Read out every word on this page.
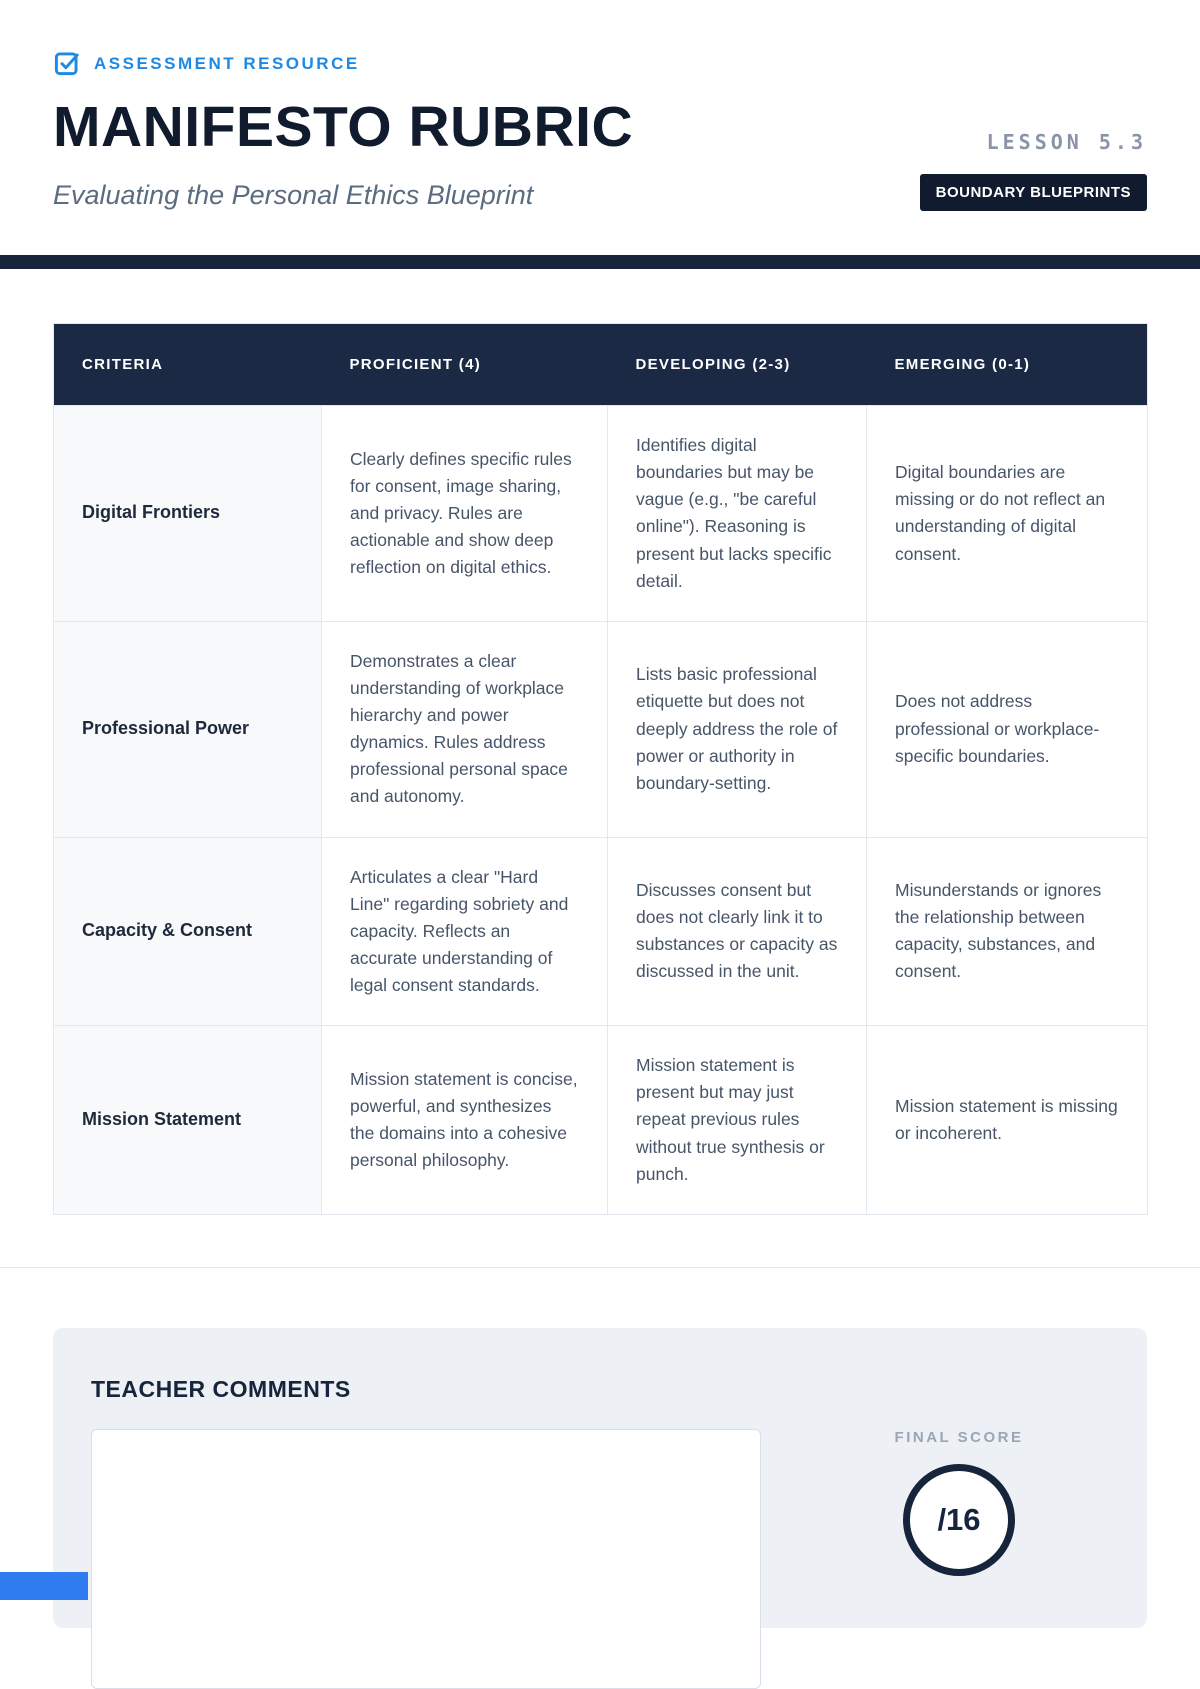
ASSESSMENT RESOURCE
MANIFESTO RUBRIC
Evaluating the Personal Ethics Blueprint
LESSON 5.3
BOUNDARY BLUEPRINTS
CRITERIA	PROFICIENT (4)	DEVELOPING (2-3)	EMERGING (0-1)
Digital Frontiers	Clearly defines specific rules for consent, image sharing, and privacy. Rules are actionable and show deep reflection on digital ethics.	Identifies digital boundaries but may be vague (e.g., "be careful online"). Reasoning is present but lacks specific detail.	Digital boundaries are missing or do not reflect an understanding of digital consent.
Professional Power	Demonstrates a clear understanding of workplace hierarchy and power dynamics. Rules address professional personal space and autonomy.	Lists basic professional etiquette but does not deeply address the role of power or authority in boundary-setting.	Does not address professional or workplace-specific boundaries.
Capacity & Consent	Articulates a clear "Hard Line" regarding sobriety and capacity. Reflects an accurate understanding of legal consent standards.	Discusses consent but does not clearly link it to substances or capacity as discussed in the unit.	Misunderstands or ignores the relationship between capacity, substances, and consent.
Mission Statement	Mission statement is concise, powerful, and synthesizes the domains into a cohesive personal philosophy.	Mission statement is present but may just repeat previous rules without true synthesis or punch.	Mission statement is missing or incoherent.
TEACHER COMMENTS
FINAL SCORE
/16
